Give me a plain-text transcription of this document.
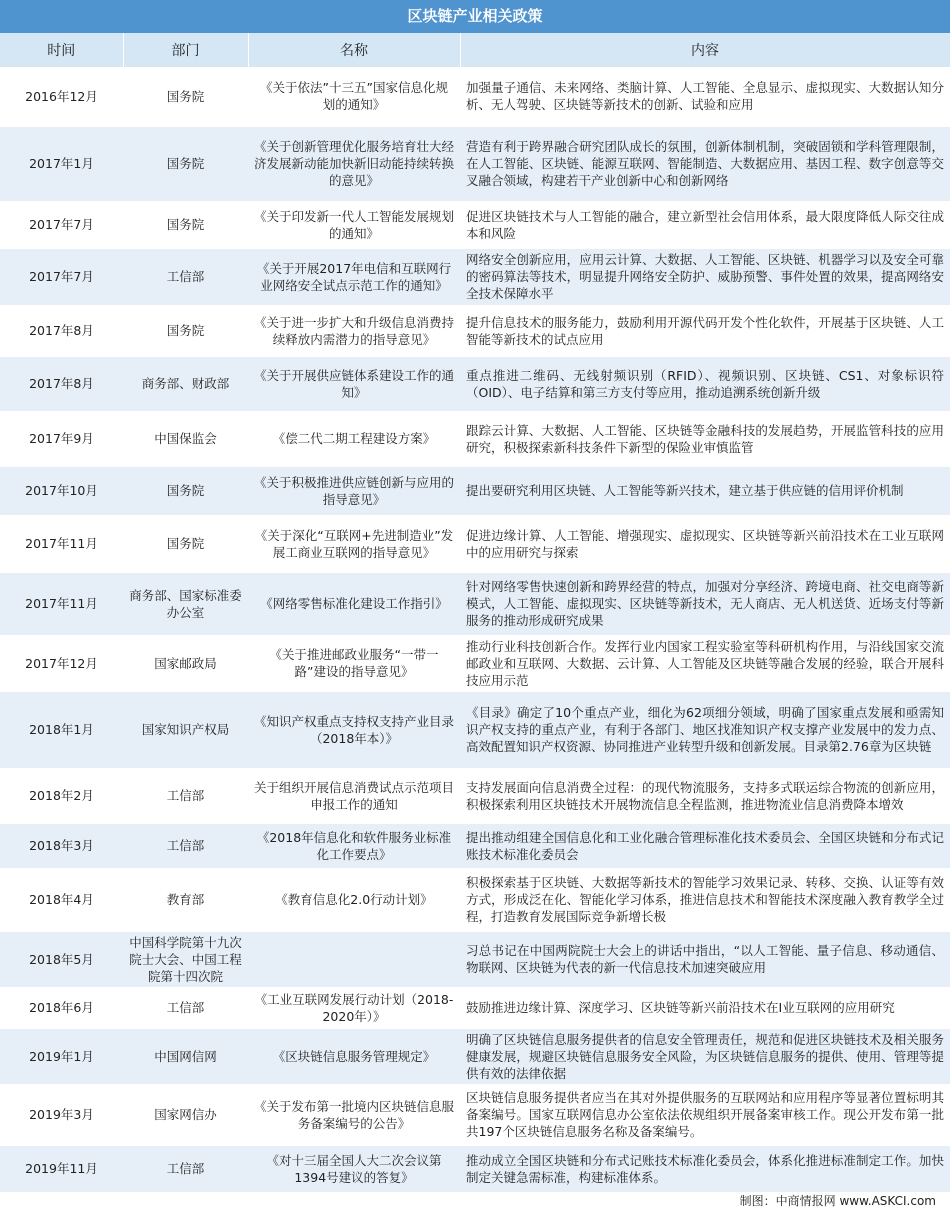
区块链产业相关政策
时间	部门	名称	内容
2016年12月	国务院	《关于依法”十三五”国家信息化规划的通知》	加强量子通信、未来网络、类脑计算、人工智能、全息显示、虚拟现实、大数据认知分析、无人驾驶、区块链等新技术的创新、试验和应用
2017年1月	国务院	《关于创新管理优化服务培育壮大经济发展新动能加快新旧动能持续转换的意见》	营造有利于跨界融合研究团队成长的氛围，创新体制机制，突破固锁和学科管理限制，在人工智能、区块链、能源互联网、智能制造、大数据应用、基因工程、数字创意等交叉融合领域，构建若干产业创新中心和创新网络
2017年7月	国务院	《关于印发新一代人工智能发展规划的通知》	促进区块链技术与人工智能的融合，建立新型社会信用体系，最大限度降低人际交往成本和风险
2017年7月	工信部	《关于开展2017年电信和互联网行业网络安全试点示范工作的通知》	网络安全创新应用，应用云计算、大数据、人工智能、区块链、机器学习以及安全可靠的密码算法等技术，明显提升网络安全防护、威胁预警、事件处置的效果，提高网络安全技术保障水平
2017年8月	国务院	《关于进一步扩大和升级信息消费持续释放内需潜力的指导意见》	提升信息技术的服务能力，鼓励利用开源代码开发个性化软件，开展基于区块链、人工智能等新技术的试点应用
2017年8月	商务部、财政部	《关于开展供应链体系建设工作的通知》	重点推进二维码、无线射频识别（RFID）、视频识别、区块链、CS1、对象标识符（OID）、电子结算和第三方支付等应用，推动追溯系统创新升级
2017年9月	中国保监会	《偿二代二期工程建设方案》	跟踪云计算、大数据、人工智能、区块链等金融科技的发展趋势，开展监管科技的应用研究，积极探索新科技条件下新型的保险业审慎监管
2017年10月	国务院	《关于积极推进供应链创新与应用的指导意见》	提出要研究利用区块链、人工智能等新兴技术，建立基于供应链的信用评价机制
2017年11月	国务院	《关于深化“互联网+先进制造业”发展工商业互联网的指导意见》	促进边缘计算、人工智能、增强现实、虚拟现实、区块链等新兴前沿技术在工业互联网中的应用研究与探索
2017年11月	商务部、国家标准委办公室	《网络零售标准化建设工作指引》	针对网络零售快速创新和跨界经营的特点，加强对分享经济、跨境电商、社交电商等新模式，人工智能、虚拟现实、区块链等新技术，无人商店、无人机送货、近场支付等新服务的推动形成研究成果
2017年12月	国家邮政局	《关于推进邮政业服务“一带一路”建设的指导意见》	推动行业科技创新合作。发挥行业内国家工程实验室等科研机构作用，与沿线国家交流邮政业和互联网、大数据、云计算、人工智能及区块链等融合发展的经验，联合开展科技应用示范
2018年1月	国家知识产权局	《知识产权重点支持权支持产业目录（2018年本）》	《目录》确定了10个重点产业，细化为62项细分领域，明确了国家重点发展和亟需知识产权支持的重点产业，有利于各部门、地区找准知识产权支撑产业发展中的发力点、高效配置知识产权资源、协同推进产业转型升级和创新发展。目录第2.76章为区块链
2018年2月	工信部	关于组织开展信息消费试点示范项目申报工作的通知	支持发展面向信息消费全过程：的现代物流服务，支持多式联运综合物流的创新应用，积极探索利用区块链技术开展物流信息全程监测，推进物流业信息消费降本增效
2018年3月	工信部	《2018年信息化和软件服务业标准化工作要点》	提出推动组建全国信息化和工业化融合管理标准化技术委员会、全国区块链和分布式记账技术标准化委员会
2018年4月	教育部	《教育信息化2.0行动计划》	积极探索基于区块链、大数据等新技术的智能学习效果记录、转移、交换、认证等有效方式，形成泛在化、智能化学习体系，推进信息技术和智能技术深度融入教育教学全过程，打造教育发展国际竞争新增长极
2018年5月	中国科学院第十九次院士大会、中国工程院第十四次院		习总书记在中国两院院士大会上的讲话中指出，“以人工智能、量子信息、移动通信、物联网、区块链为代表的新一代信息技术加速突破应用
2018年6月	工信部	《工业互联网发展行动计划（2018-2020年）》	鼓励推进边缘计算、深度学习、区块链等新兴前沿技术在I业互联网的应用研究
2019年1月	中国网信网	《区块链信息服务管理规定》	明确了区块链信息服务提供者的信息安全管理责任，规范和促进区块链技术及相关服务健康发展，规避区块链信息服务安全风险，为区块链信息服务的提供、使用、管理等提供有效的法律依据
2019年3月	国家网信办	《关于发布第一批境内区块链信息服务备案编号的公告》	区块链信息服务提供者应当在其对外提供服务的互联网站和应用程序等显著位置标明其备案编号。国家互联网信息办公室依法依规组织开展备案审核工作。现公开发布第一批共197个区块链信息服务名称及备案编号。
2019年11月	工信部	《对十三届全国人大二次会议第1394号建议的答复》	推动成立全国区块链和分布式记账技术标准化委员会，体系化推进标准制定工作。加快制定关键急需标准，构建标准体系。
制图：中商情报网 www.ASKCI.com
